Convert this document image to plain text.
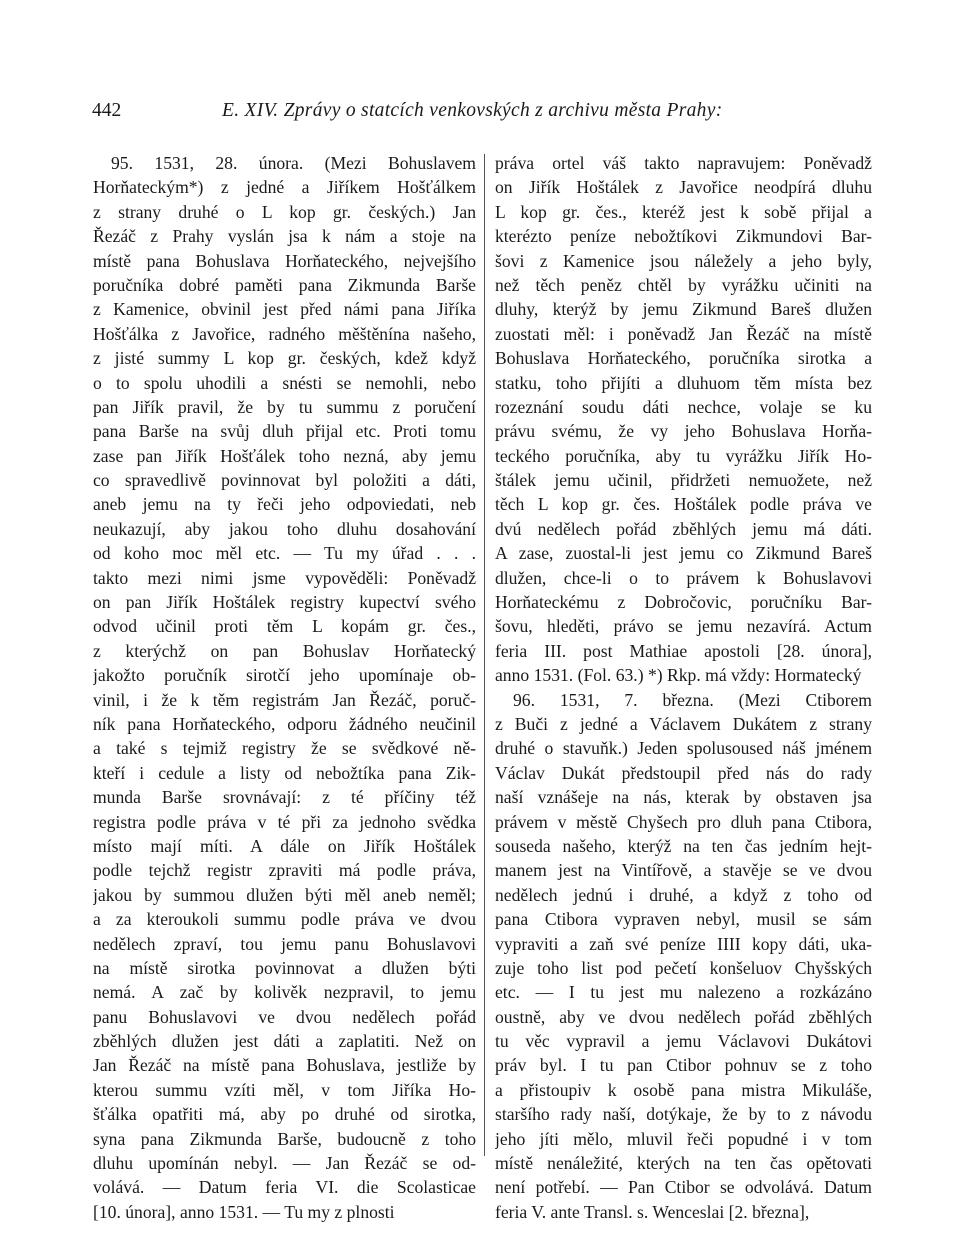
442	E. XIV. Zprávy o statcích venkovských z archivu města Prahy:
95. 1531, 28. února. (Mezi Bohuslavem
Horňateckým*) z jedné a Jiříkem Hošťálkem
z strany druhé o L kop gr. českých.) Jan
Řezáč z Prahy vyslán jsa k nám a stoje na
místě pana Bohuslava Horňateckého, nejvejšího
poručníka dobré paměti pana Zikmunda Barše
z Kamenice, obvinil jest před námi pana Jiříka
Hošťálka z Javořice, radného měštěnína našeho,
z jisté summy L kop gr. českých, kdež když
o to spolu uhodili a snésti se nemohli, nebo
pan Jiřík pravil, že by tu summu z poručení
pana Barše na svůj dluh přijal etc. Proti tomu
zase pan Jiřík Hošťálek toho nezná, aby jemu
co spravedlivě povinnovat byl položiti a dáti,
aneb jemu na ty řeči jeho odpoviedati, neb
neukazují, aby jakou toho dluhu dosahování
od koho moc měl etc. — Tu my úřad . . .
takto mezi nimi jsme vypověděli: Poněvadž
on pan Jiřík Hoštálek registry kupectví svého
odvod učinil proti těm L kopám gr. čes.,
z kterýchž on pan Bohuslav Horňatecký
jakožto poručník sirotčí jeho upomínaje ob-
vinil, i že k těm registrám Jan Řezáč, poruč-
ník pana Horňateckého, odporu žádného neučinil
a také s tejmiž registry že se svědkové ně-
kteří i cedule a listy od nebožtíka pana Zik-
munda Barše srovnávají: z té příčiny též
registra podle práva v té při za jednoho svědka
místo mají míti. A dále on Jiřík Hoštálek
podle tejchž registr zpraviti má podle práva,
jakou by summou dlužen býti měl aneb neměl;
a za kteroukoli summu podle práva ve dvou
nedělech zpraví, tou jemu panu Bohuslavovi
na místě sirotka povinnovat a dlužen býti
nemá. A zač by kolivěk nezpravil, to jemu
panu Bohuslavovi ve dvou nedělech pořád
zběhlých dlužen jest dáti a zaplatiti. Než on
Jan Řezáč na místě pana Bohuslava, jestliže by
kterou summu vzíti měl, v tom Jiříka Ho-
šťálka opatřiti má, aby po druhé od sirotka,
syna pana Zikmunda Barše, budoucně z toho
dluhu upomínán nebyl. — Jan Řezáč se od-
volává. — Datum feria VI. die Scolasticae
[10. února], anno 1531. — Tu my z plnosti
práva ortel váš takto napravujem: Poněvadž
on Jiřík Hoštálek z Javořice neodpírá dluhu
L kop gr. čes., kteréž jest k sobě přijal a
kterézto peníze nebožtíkovi Zikmundovi Bar-
šovi z Kamenice jsou náležely a jeho byly,
než těch peněz chtěl by vyrážku učiniti na
dluhy, kterýž by jemu Zikmund Bareš dlužen
zuostati měl: i poněvadž Jan Řezáč na místě
Bohuslava Horňateckého, poručníka sirotka a
statku, toho přijíti a dluhuom těm místa bez
rozeznání soudu dáti nechce, volaje se ku
právu svému, že vy jeho Bohuslava Horňa-
teckého poručníka, aby tu vyrážku Jiřík Ho-
štálek jemu učinil, přidržeti nemuožete, než
těch L kop gr. čes. Hoštálek podle práva ve
dvú nedělech pořád zběhlých jemu má dáti.
A zase, zuostal-li jest jemu co Zikmund Bareš
dlužen, chce-li o to právem k Bohuslavovi
Horňateckému z Dobročovic, poručníku Bar-
šovu, hleděti, právo se jemu nezavírá. Actum
feria III. post Mathiae apostoli [28. února],
anno 1531. (Fol. 63.) *) Rkp. má vždy: Hormatecký
96. 1531, 7. března. (Mezi Ctiborem
z Buči z jedné a Václavem Dukátem z strany
druhé o stavuňk.) Jeden spolusoused náš jménem
Václav Dukát předstoupil před nás do rady
naší vznášeje na nás, kterak by obstaven jsa
právem v městě Chyšech pro dluh pana Ctibora,
souseda našeho, kterýž na ten čas jedním hejt-
manem jest na Vintířově, a stavěje se ve dvou
nedělech jednú i druhé, a když z toho od
pana Ctibora vypraven nebyl, musil se sám
vypraviti a zaň své peníze IIII kopy dáti, uka-
zuje toho list pod pečetí konšeluov Chyšských
etc. — I tu jest mu nalezeno a rozkázáno
oustně, aby ve dvou nedělech pořád zběhlých
tu věc vypravil a jemu Václavovi Dukátovi
práv byl. I tu pan Ctibor pohnuv se z toho
a přistoupiv k osobě pana mistra Mikuláše,
staršího rady naší, dotýkaje, že by to z návodu
jeho jíti mělo, mluvil řeči popudné i v tom
místě nenáležité, kterých na ten čas opětovati
není potřebí. — Pan Ctibor se odvolává. Datum
feria V. ante Transl. s. Wenceslai [2. března],
